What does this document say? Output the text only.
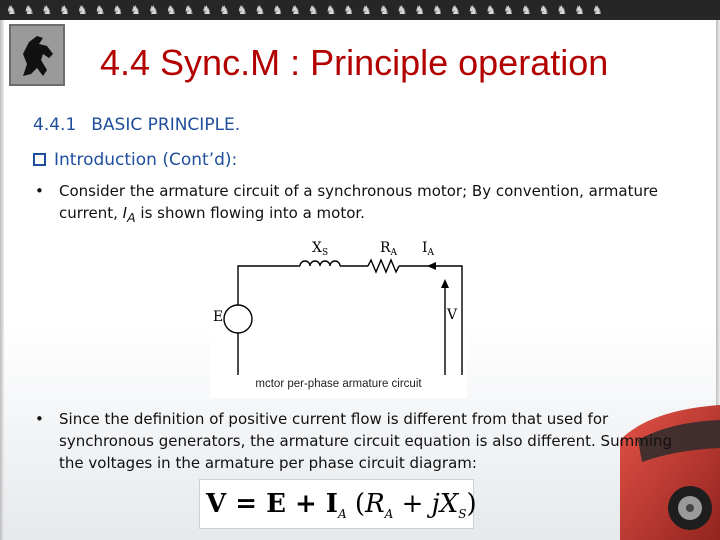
♞♞♞♞♞♞♞♞♞♞♞♞♞♞♞♞♞♞♞♞♞♞♞♞♞♞♞♞♞♞♞♞♞♞
4.4 Sync.M : Principle operation
4.4.1 BASIC PRINCIPLE.
Introduction (Cont’d):
• Consider the armature circuit of a synchronous motor; By convention, armature current, $I_A$ is shown flowing into a motor.
$X_S$	$R_A$ $I_A$
E	V
mctor per-phase armature circuit
• Since the definition of positive current flow is different from that used for synchronous generators, the armature circuit equation is also different. Summing the voltages in the armature per phase circuit diagram:
$V = E + I_A$ $(R_A + jX_S)$
